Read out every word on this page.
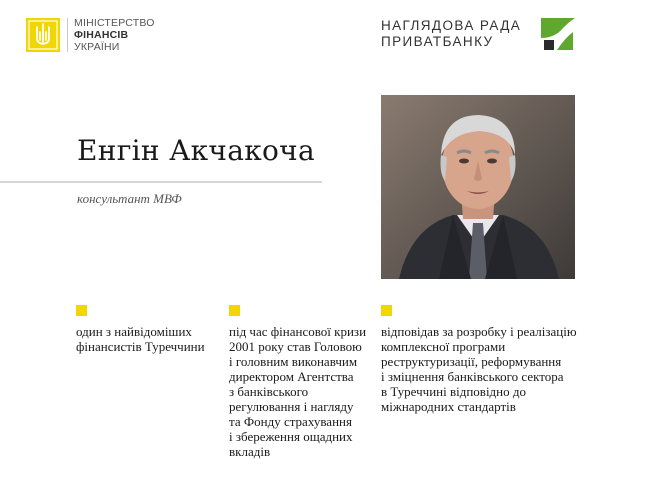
МІНІСТЕРСТВО
ФІНАНСІВ
УКРАЇНИ
НАГЛЯДОВА РАДА
ПРИВАТБАНКУ
Енгін Акчакоча
консультант МВФ
один з найвідоміших
фінансистів Туреччини
під час фінансової кризи
2001 року став Головою
і головним виконавчим
директором Агентства
з банківського
регулювання і нагляду
та Фонду страхування
і збереження ощадних
вкладів
відповідав за розробку і реалізацію
комплексної програми
реструктуризації, реформування
і зміцнення банківського сектора
в Туреччині відповідно до
міжнародних стандартів
